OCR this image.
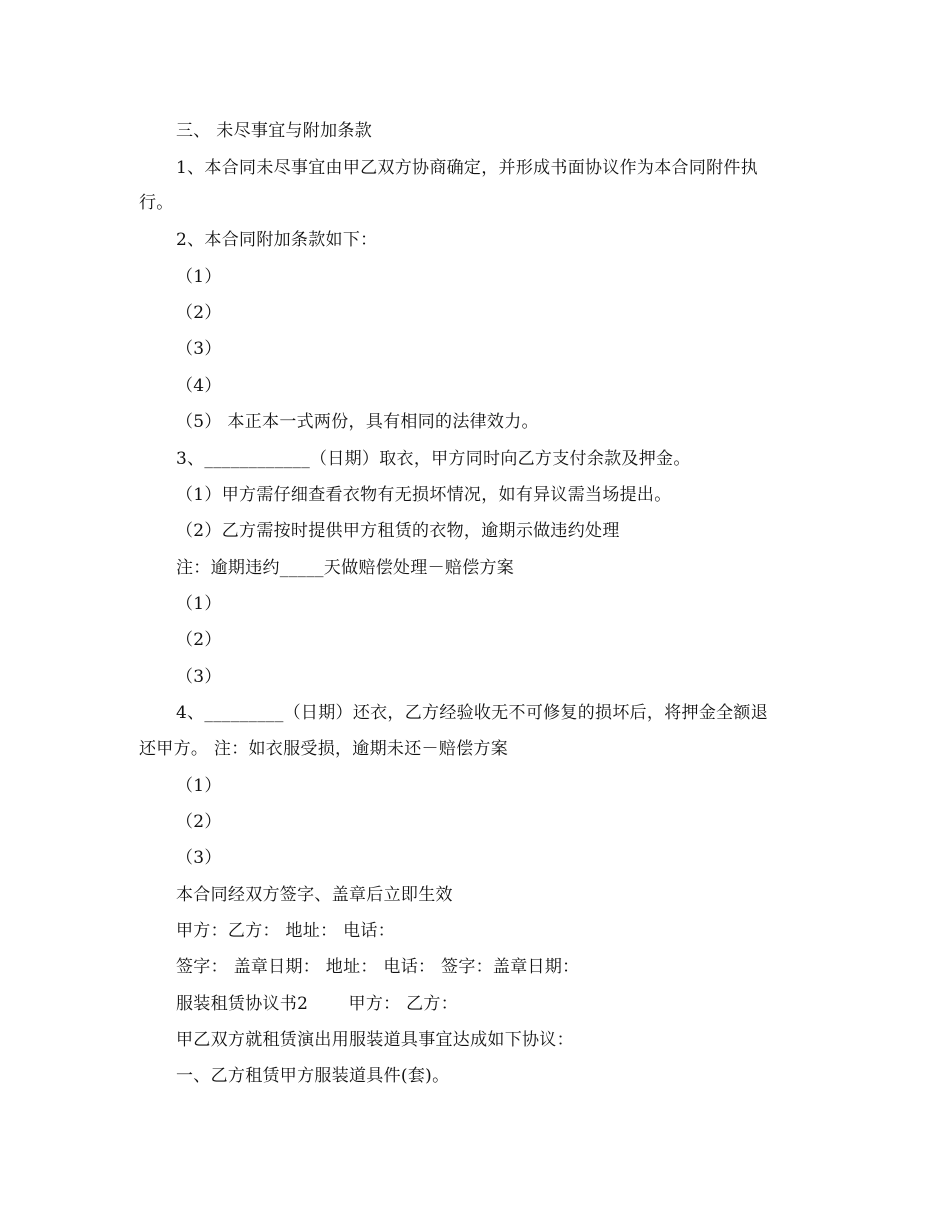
三、 未尽事宜与附加条款
1、本合同未尽事宜由甲乙双方协商确定，并形成书面协议作为本合同附件执
行。
2、本合同附加条款如下：
（1）
（2）
（3）
（4）
（5） 本正本一式两份，具有相同的法律效力。
3、____________（日期）取衣，甲方同时向乙方支付余款及押金。
（1）甲方需仔细查看衣物有无损坏情况，如有异议需当场提出。
（2）乙方需按时提供甲方租赁的衣物，逾期示做违约处理
注：逾期违约_____天做赔偿处理－赔偿方案
（1）
（2）
（3）
4、_________（日期）还衣，乙方经验收无不可修复的损坏后，将押金全额退
还甲方。 注：如衣服受损，逾期未还－赔偿方案
（1）
（2）
（3）
本合同经双方签字、盖章后立即生效
甲方：乙方： 地址： 电话：
签字： 盖章日期： 地址： 电话： 签字：盖章日期：
服装租赁协议书2　　 甲方： 乙方：
甲乙双方就租赁演出用服装道具事宜达成如下协议：
一、乙方租赁甲方服装道具件(套)。
